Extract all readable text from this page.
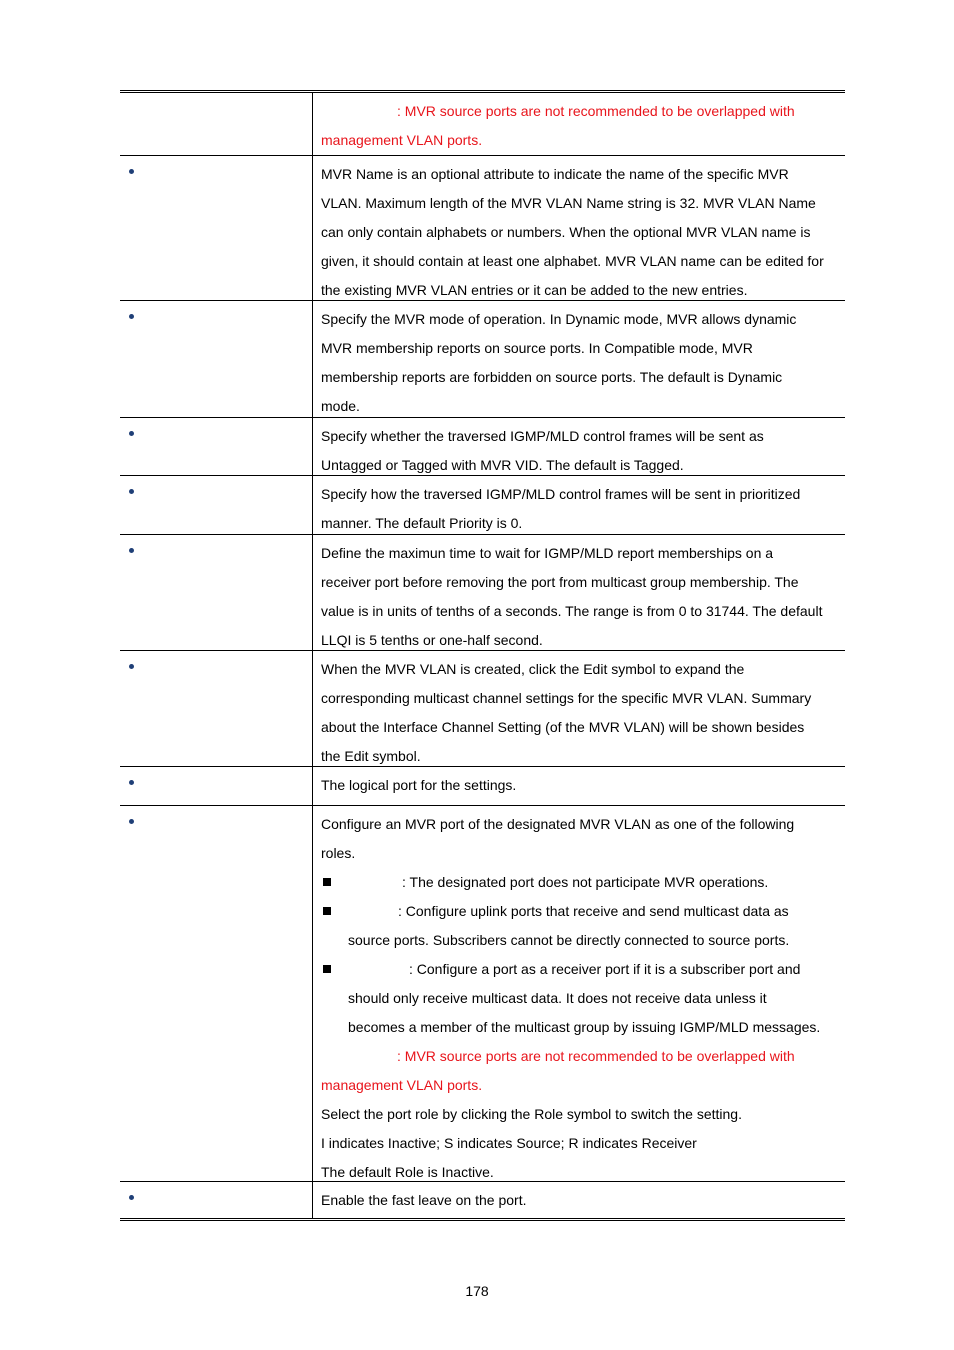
: MVR source ports are not recommended to be overlapped with

management VLAN ports.

MVR Name is an optional attribute to indicate the name of the specific MVR

VLAN. Maximum length of the MVR VLAN Name string is 32. MVR VLAN Name

can only contain alphabets or numbers. When the optional MVR VLAN name is

given, it should contain at least one alphabet. MVR VLAN name can be edited for

the existing MVR VLAN entries or it can be added to the new entries.

Specify the MVR mode of operation. In Dynamic mode, MVR allows dynamic

MVR membership reports on source ports. In Compatible mode, MVR

membership reports are forbidden on source ports. The default is Dynamic

mode.

Specify whether the traversed IGMP/MLD control frames will be sent as

Untagged or Tagged with MVR VID. The default is Tagged.

Specify how the traversed IGMP/MLD control frames will be sent in prioritized

manner. The default Priority is 0.

Define the maximun time to wait for IGMP/MLD report memberships on a

receiver port before removing the port from multicast group membership. The

value is in units of tenths of a seconds. The range is from 0 to 31744. The default

LLQI is 5 tenths or one-half second.

When the MVR VLAN is created, click the Edit symbol to expand the

corresponding multicast channel settings for the specific MVR VLAN. Summary

about the Interface Channel Setting (of the MVR VLAN) will be shown besides

the Edit symbol.

The logical port for the settings.

Configure an MVR port of the designated MVR VLAN as one of the following

roles.

: The designated port does not participate MVR operations.
: Configure uplink ports that receive and send multicast data as

source ports. Subscribers cannot be directly connected to source ports.

: Configure a port as a receiver port if it is a subscriber port and

should only receive multicast data. It does not receive data unless it

becomes a member of the multicast group by issuing IGMP/MLD messages.

: MVR source ports are not recommended to be overlapped with

management VLAN ports.

Select the port role by clicking the Role symbol to switch the setting.

I indicates Inactive; S indicates Source; R indicates Receiver

The default Role is Inactive.

Enable the fast leave on the port.

178
